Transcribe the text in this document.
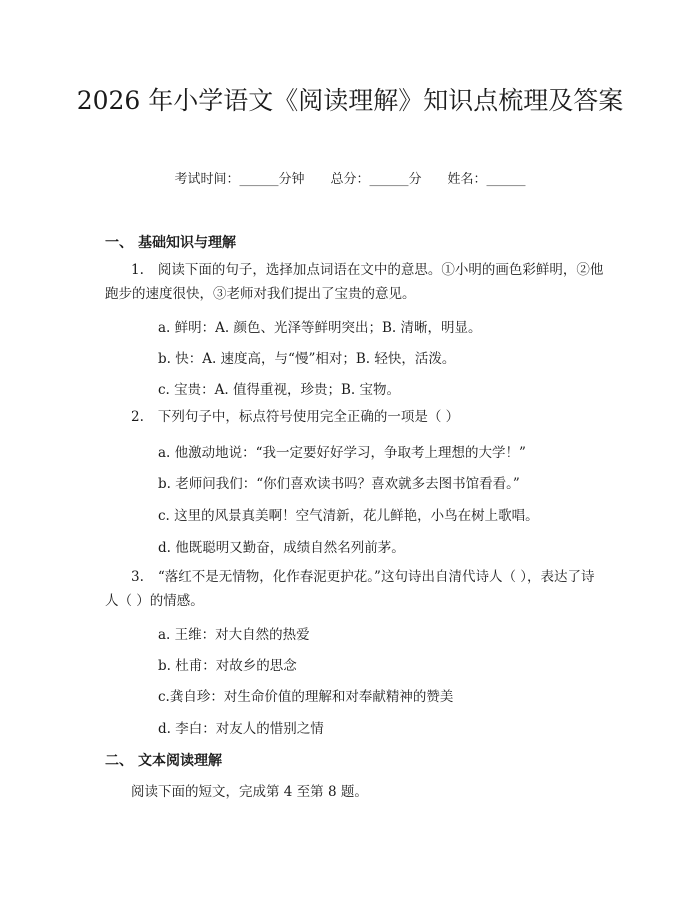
2026 年小学语文《阅读理解》知识点梳理及答案
考试时间：______分钟 总分：______分 姓名：______
一、 基础知识与理解
1. 阅读下面的句子，选择加点词语在文中的意思。①小明的画色彩鲜明，②他跑步的速度很快，③老师对我们提出了宝贵的意见。
a. 鲜明：A. 颜色、光泽等鲜明突出；B. 清晰，明显。
b. 快：A. 速度高，与“慢”相对；B. 轻快，活泼。
c. 宝贵：A. 值得重视，珍贵；B. 宝物。
2. 下列句子中，标点符号使用完全正确的一项是（ ）
a. 他激动地说：“我一定要好好学习，争取考上理想的大学！”
b. 老师问我们：“你们喜欢读书吗？喜欢就多去图书馆看看。”
c. 这里的风景真美啊！空气清新，花儿鲜艳，小鸟在树上歌唱。
d. 他既聪明又勤奋，成绩自然名列前茅。
3. “落红不是无情物，化作春泥更护花。”这句诗出自清代诗人（ ），表达了诗人（ ）的情感。
a. 王维：对大自然的热爱
b. 杜甫：对故乡的思念
c.龚自珍：对生命价值的理解和对奉献精神的赞美
d. 李白：对友人的惜别之情
二、 文本阅读理解
阅读下面的短文，完成第 4 至第 8 题。
